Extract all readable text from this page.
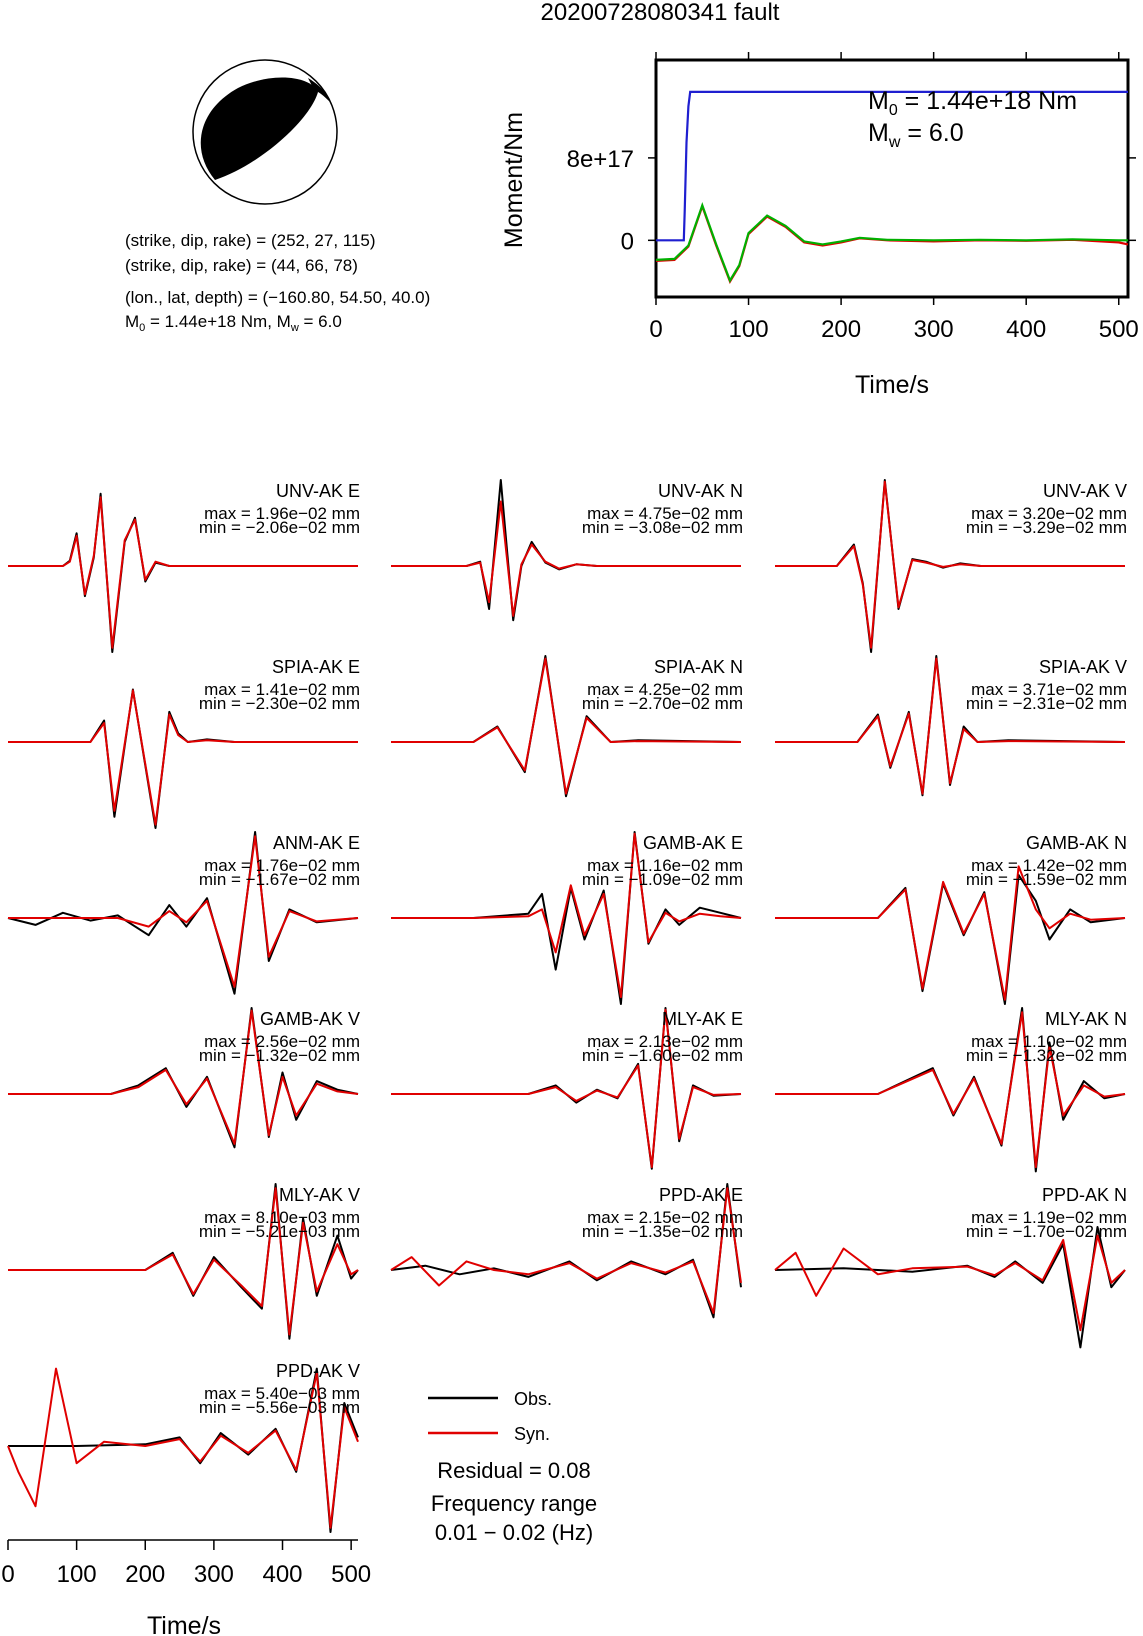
20200728080341 fault
(strike, dip, rake) = (252, 27, 115)
(strike, dip, rake) = (44, 66, 78)
(lon., lat, depth) = (−160.80, 54.50, 40.0)
$M_0 = 1.44e+18$ Nm, $M_w = 6.0$	0	100 200 300 400 500
0
8e+17
Time/s
Moment/Nm
$M_0 = 1.44e+18$ Nm
$M_w = 6.0$
UNV-AK E
max = 1.96e−02 mm
min = −2.06e−02 mm
UNV-AK N
max = 4.75e−02 mm
min = −3.08e−02 mm
UNV-AK V
max = 3.20e−02 mm
min = −3.29e−02 mm
SPIA-AK E
max = 1.41e−02 mm
min = −2.30e−02 mm
SPIA-AK N
max = 4.25e−02 mm
min = −2.70e−02 mm
SPIA-AK V
max = 3.71e−02 mm
min = −2.31e−02 mm
ANM-AK E
max = 1.76e−02 mm
min = −1.67e−02 mm
GAMB-AK E
max = 1.16e−02 mm
min = −1.09e−02 mm
GAMB-AK N
max = 1.42e−02 mm
min = −1.59e−02 mm
GAMB-AK V
max = 2.56e−02 mm
min = −1.32e−02 mm
MLY-AK E
max = 2.13e−02 mm
min = −1.60e−02 mm
MLY-AK N
max = 1.10e−02 mm
min = −1.32e−02 mm
MLY-AK V
max = 8.10e−03 mm
min = −5.21e−03 mm
PPD-AK E
max = 2.15e−02 mm
min = −1.35e−02 mm
PPD-AK N
max = 1.19e−02 mm
min = −1.70e−02 mm
PPD-AK V
max = 5.40e−03 mm
min = −5.56e−03 mm
0 100 200 300 400 500
Time/s
Obs.
Syn.
Residual = 0.08
Frequency range
0.01 − 0.02 (Hz)
